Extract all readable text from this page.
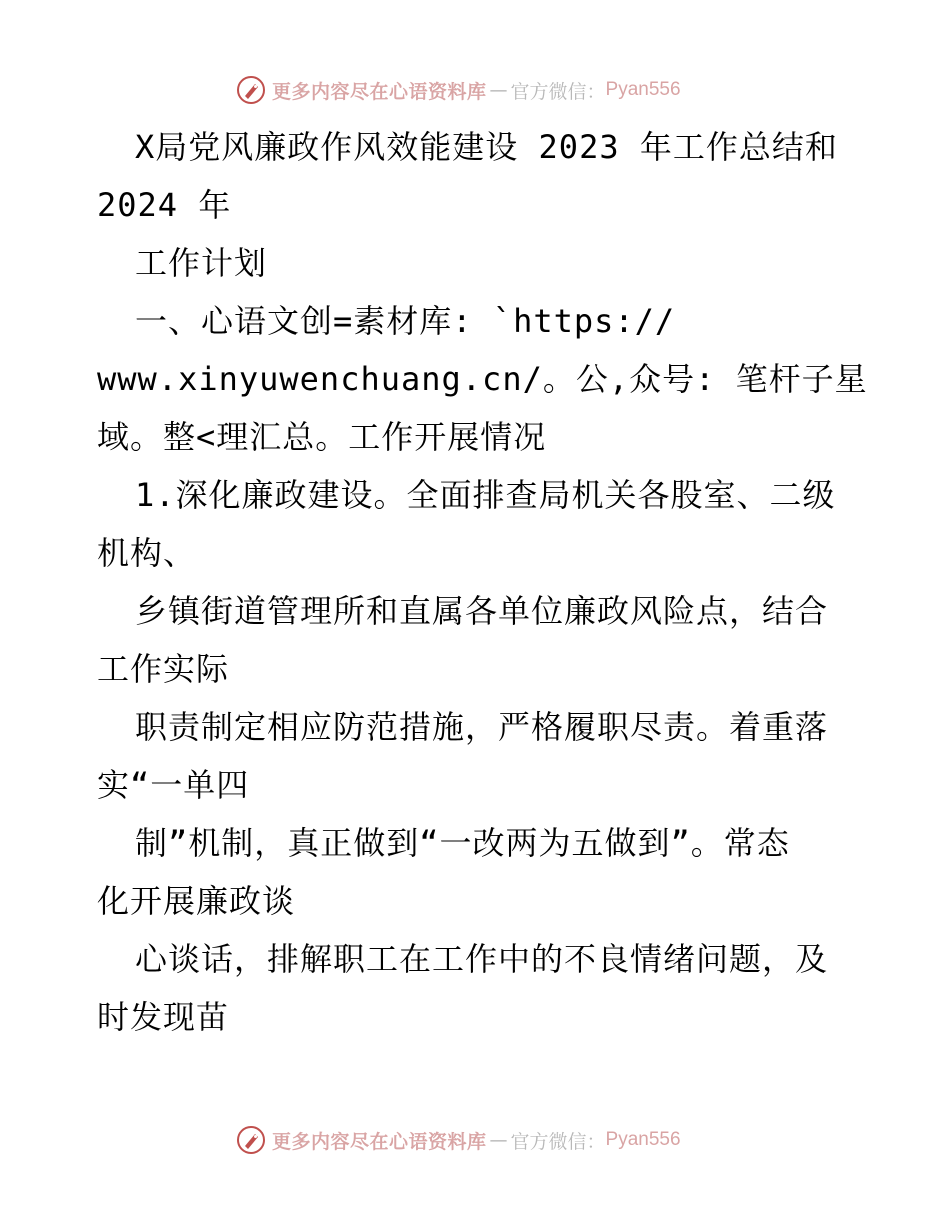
更多内容尽在心语资料库 — 官方微信： Pyan556
X局党风廉政作风效能建设 2023 年工作总结和
2024 年
工作计划
一、心语文创=素材库: `https://
www.xinyuwenchuang.cn/。公,众号: 笔杆子星
域。整<理汇总。工作开展情况
1.深化廉政建设。全面排查局机关各股室、二级
机构、
乡镇街道管理所和直属各单位廉政风险点，结合
工作实际
职责制定相应防范措施，严格履职尽责。着重落
实“一单四
制”机制，真正做到“一改两为五做到”。常态
化开展廉政谈
心谈话，排解职工在工作中的不良情绪问题，及
时发现苗
更多内容尽在心语资料库 — 官方微信： Pyan556
